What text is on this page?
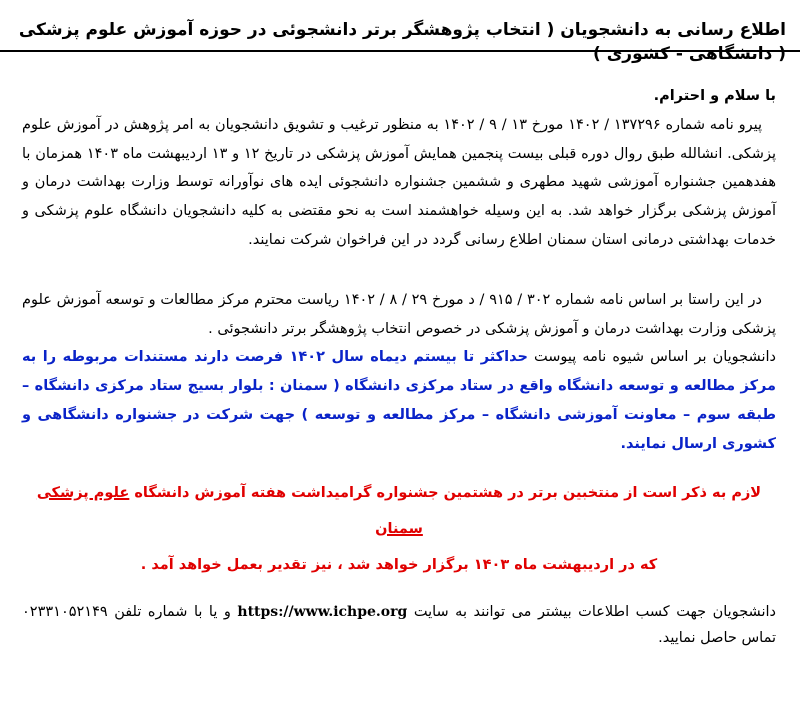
اطلاع رسانی به دانشجویان ( انتخاب پژوهشگر برتر دانشجوئی در حوزه آموزش علوم پزشکی ( دانشگاهی - کشوری )

با سلام و احترام.

پیرو نامه شماره ۱۳۷۲۹۶ / ۱۴۰۲ مورخ ۱۳ / ۹ / ۱۴۰۲ به منظور ترغیب و تشویق دانشجویان به امر پژوهش در آموزش علوم پزشکی. انشالله طبق روال دوره قبلی بیست پنجمین همایش آموزش پزشکی در تاریخ ۱۲ و ۱۳ اردیبهشت ماه ۱۴۰۳ همزمان با هفدهمین جشنواره آموزشی شهید مطهری و ششمین جشنواره دانشجوئی ایده های نوآورانه توسط وزارت بهداشت درمان و آموزش پزشکی برگزار خواهد شد. به این وسیله خواهشمند است به نحو مقتضی به کلیه دانشجویان دانشگاه علوم پزشکی و خدمات بهداشتی درمانی استان سمنان اطلاع رسانی گردد در این فراخوان شرکت نمایند.

در این راستا بر اساس نامه شماره ۳۰۲ / ۹۱۵ / د مورخ ۲۹ / ۸ / ۱۴۰۲ ریاست محترم مرکز مطالعات و توسعه آموزش علوم پزشکی وزارت بهداشت درمان و آموزش پزشکی در خصوص انتخاب پژوهشگر برتر دانشجوئی .

دانشجویان بر اساس شیوه نامه پیوست حداکثر تا بیستم دیماه سال ۱۴۰۲ فرصت دارند مستندات مربوطه را به مرکز مطالعه و توسعه دانشگاه واقع در ستاد مرکزی دانشگاه ( سمنان : بلوار بسیج ستاد مرکزی دانشگاه – طبقه سوم – معاونت آموزشی دانشگاه – مرکز مطالعه و توسعه ) جهت شرکت در جشنواره دانشگاهی و کشوری ارسال نمایند.

لازم به ذکر است از منتخبین برتر در هشتمین جشنواره گرامیداشت هفته آموزش دانشگاه علوم پزشکی سمنان

که در اردیبهشت ماه ۱۴۰۳ برگزار خواهد شد ، نیز تقدیر بعمل خواهد آمد .

دانشجویان جهت کسب اطلاعات بیشتر می توانند به سایت https://www.ichpe.org و یا با شماره تلفن ۰۲۳۳۱۰۵۲۱۴۹ تماس حاصل نمایید.
